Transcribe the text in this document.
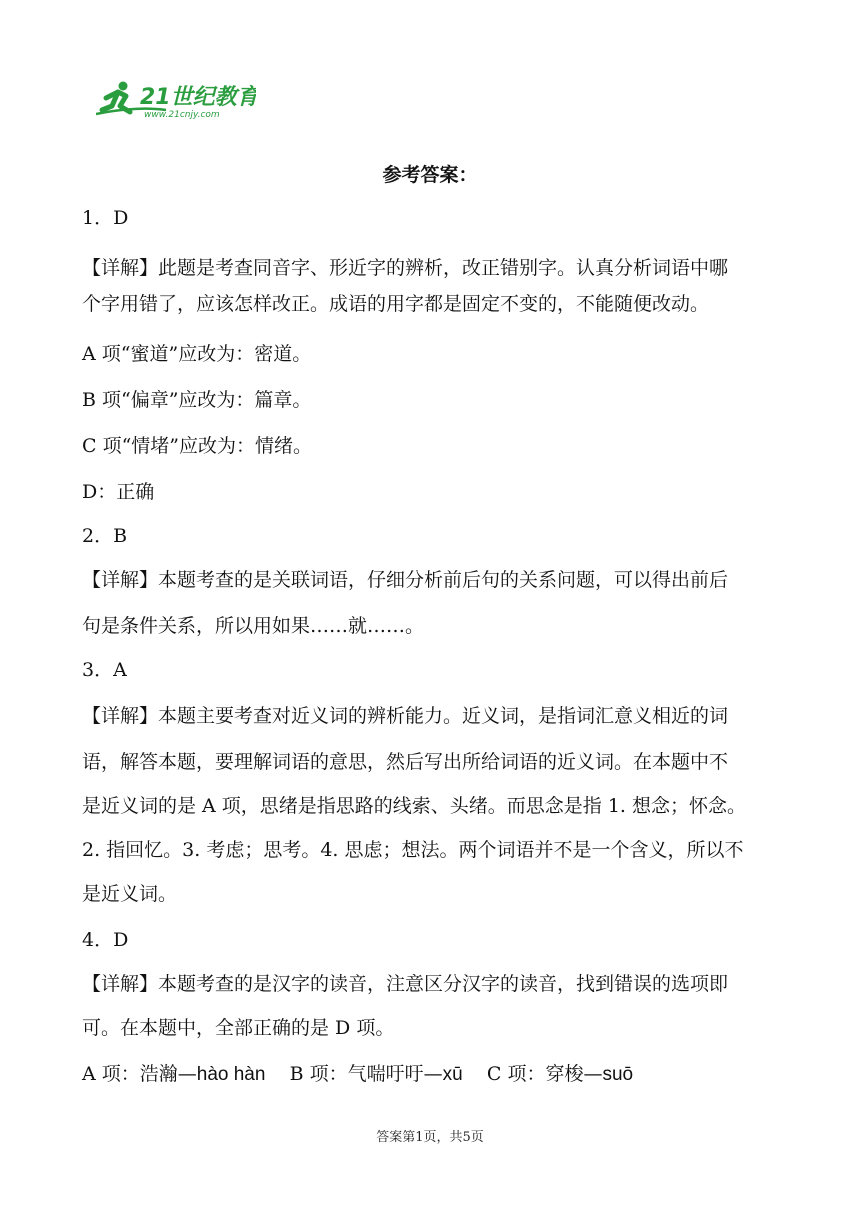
21世纪教育
www.21cnjy.com
参考答案：
1．D
【详解】此题是考查同音字、形近字的辨析，改正错别字。认真分析词语中哪
个字用错了，应该怎样改正。成语的用字都是固定不变的，不能随便改动。
A 项“蜜道”应改为：密道。
B 项“偏章”应改为：篇章。
C 项“情堵”应改为：情绪。
D：正确
2．B
【详解】本题考查的是关联词语，仔细分析前后句的关系问题，可以得出前后
句是条件关系，所以用如果……就……。
3．A
【详解】本题主要考查对近义词的辨析能力。近义词，是指词汇意义相近的词
语，解答本题，要理解词语的意思，然后写出所给词语的近义词。在本题中不
是近义词的是 A 项，思绪是指思路的线索、头绪。而思念是指 1. 想念；怀念。
2. 指回忆。3. 考虑；思考。4. 思虑；想法。两个词语并不是一个含义，所以不
是近义词。
4．D
【详解】本题考查的是汉字的读音，注意区分汉字的读音，找到错误的选项即
可。在本题中，全部正确的是 D 项。
A 项：浩瀚—hào hàn B 项：气喘吁吁—xū C 项：穿梭—suō
答案第1页，共5页
